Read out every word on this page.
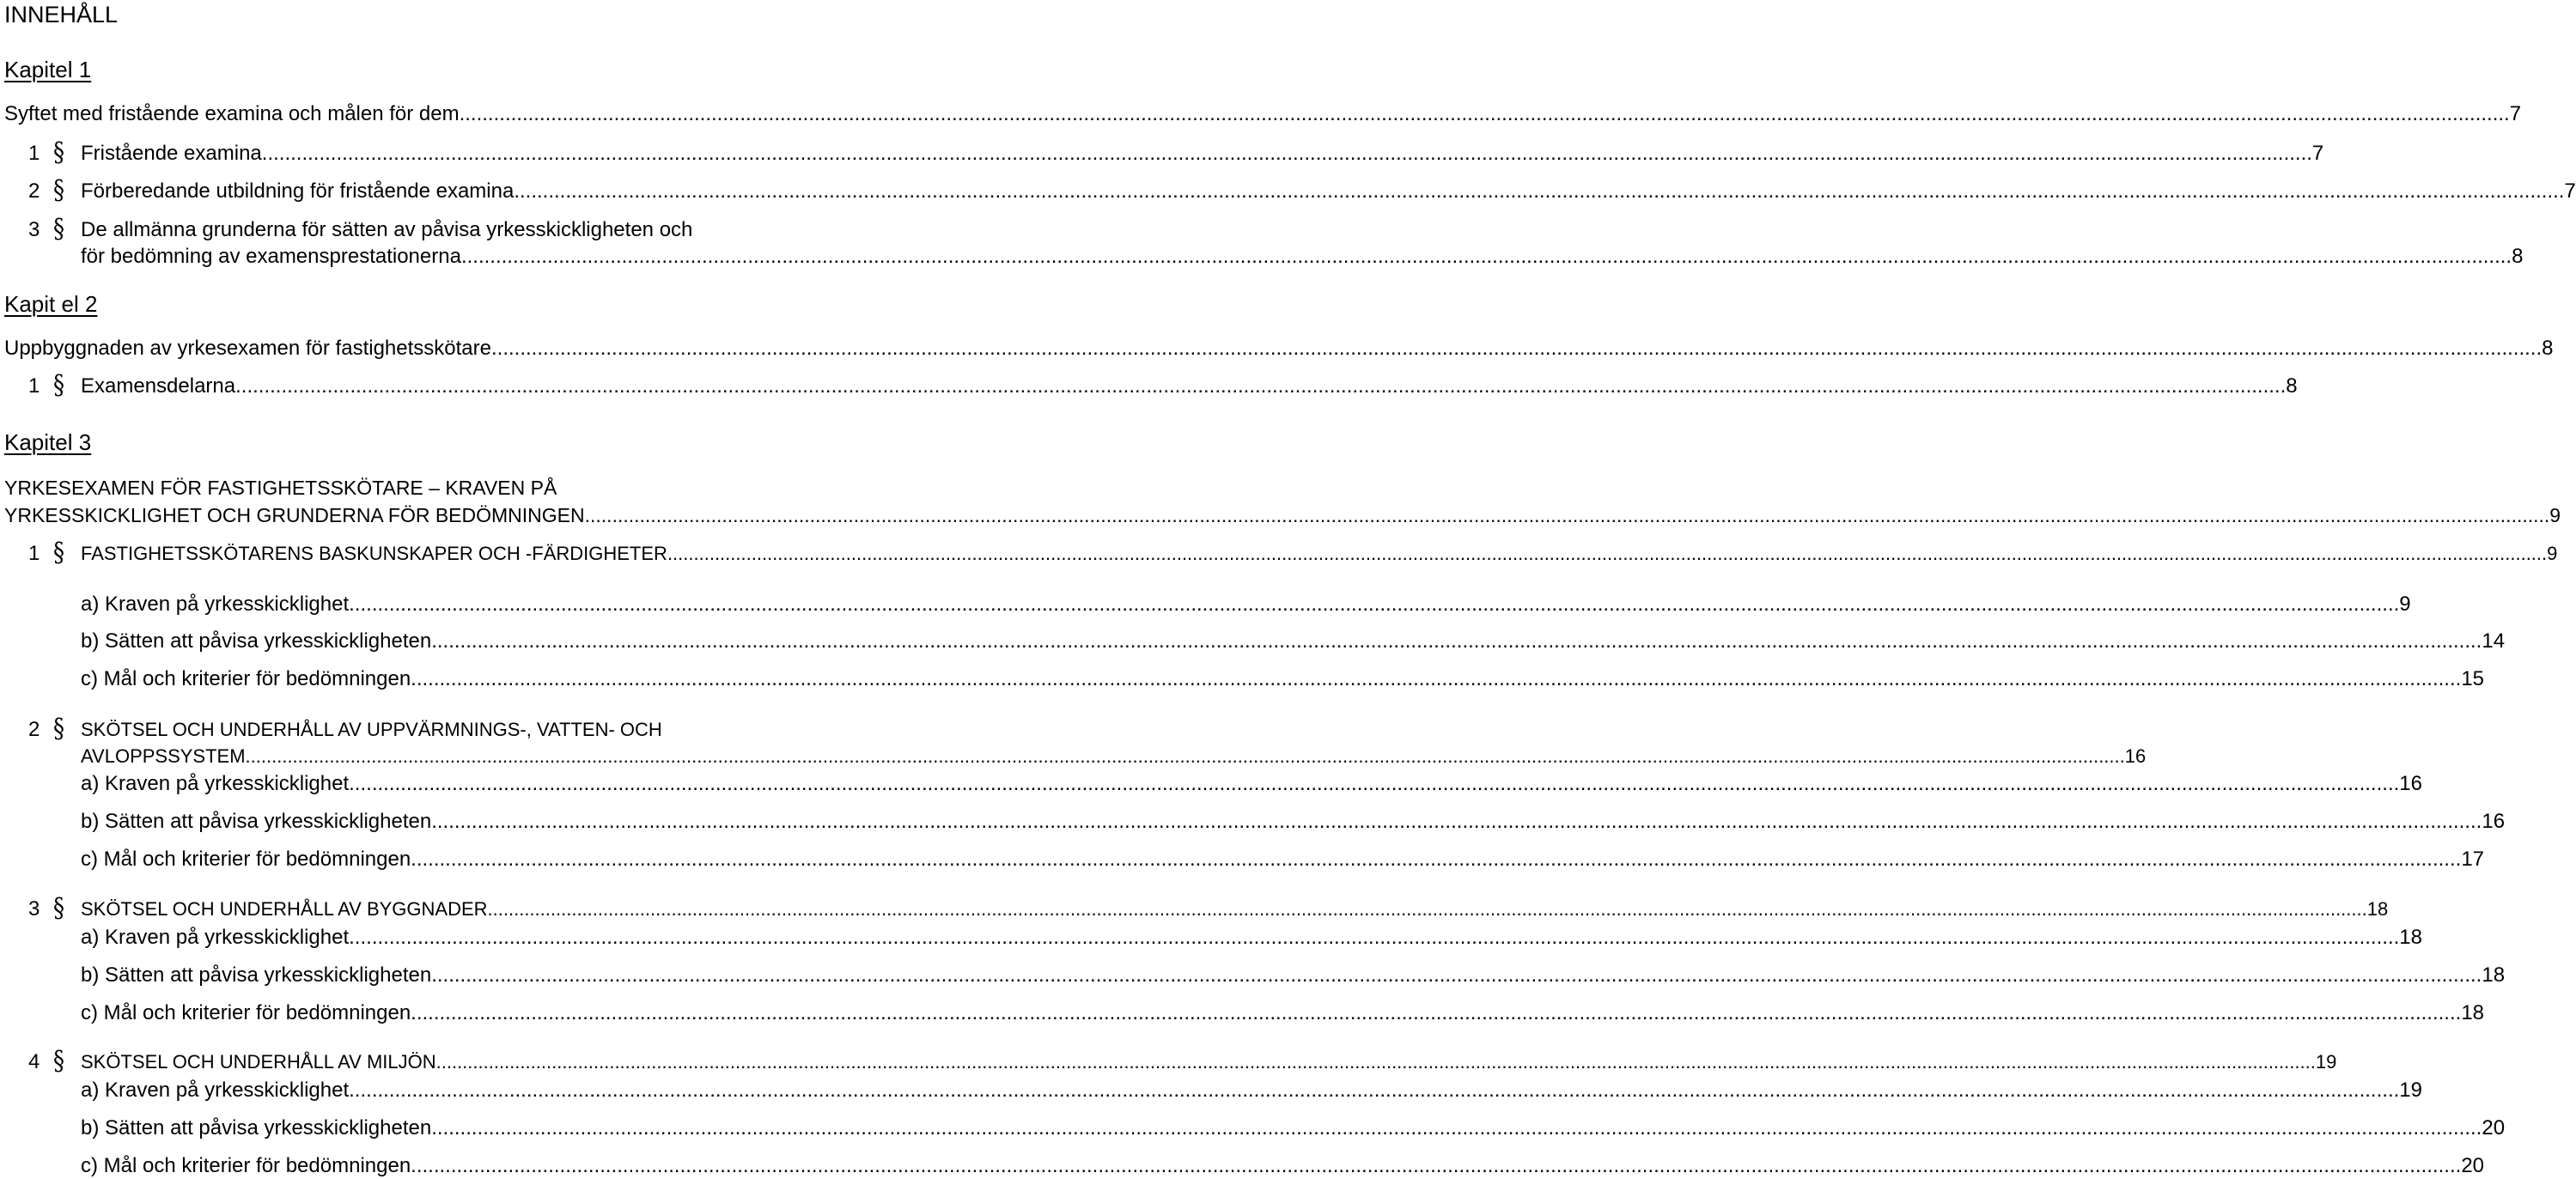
INNEHÅLL
Kapitel 1
Syftet med fristående examina och målen för dem .....	7
1 § Fristående examina .....	7
2 § Förberedande utbildning för fristående examina .....	7
3 § De allmänna grunderna för sätten av påvisa yrkesskickligheten och
för bedömning av examensprestationerna .....	8
Kapit el 2
Uppbyggnaden av yrkesexamen för fastighetsskötare .....	8
1 § Examensdelarna .....	8
Kapitel 3
YRKESEXAMEN FÖR FASTIGHETSSKÖTARE – KRAVEN PÅ
YRKESSKICKLIGHET OCH GRUNDERNA FÖR BEDÖMNINGEN .....	9
1 § FASTIGHETSSKÖTARENS BASKUNSKAPER OCH -FÄRDIGHETER .....	9
a) Kraven på yrkesskicklighet .....	9
b) Sätten att påvisa yrkesskickligheten .....	14
c) Mål och kriterier för bedömningen .....	15
2 § SKÖTSEL OCH UNDERHÅLL AV UPPVÄRMNINGS-, VATTEN- OCH
AVLOPPSSYSTEM .....	16
a) Kraven på yrkesskicklighet .....	16
b) Sätten att påvisa yrkesskickligheten .....	16
c) Mål och kriterier för bedömningen .....	17
3 § SKÖTSEL OCH UNDERHÅLL AV BYGGNADER .....	18
a) Kraven på yrkesskicklighet .....	18
b) Sätten att påvisa yrkesskickligheten .....	18
c) Mål och kriterier för bedömningen .....	18
4 § SKÖTSEL OCH UNDERHÅLL AV MILJÖN .....	19
a) Kraven på yrkesskicklighet .....	19
b) Sätten att påvisa yrkesskickligheten .....	20
c) Mål och kriterier för bedömningen .....	20
